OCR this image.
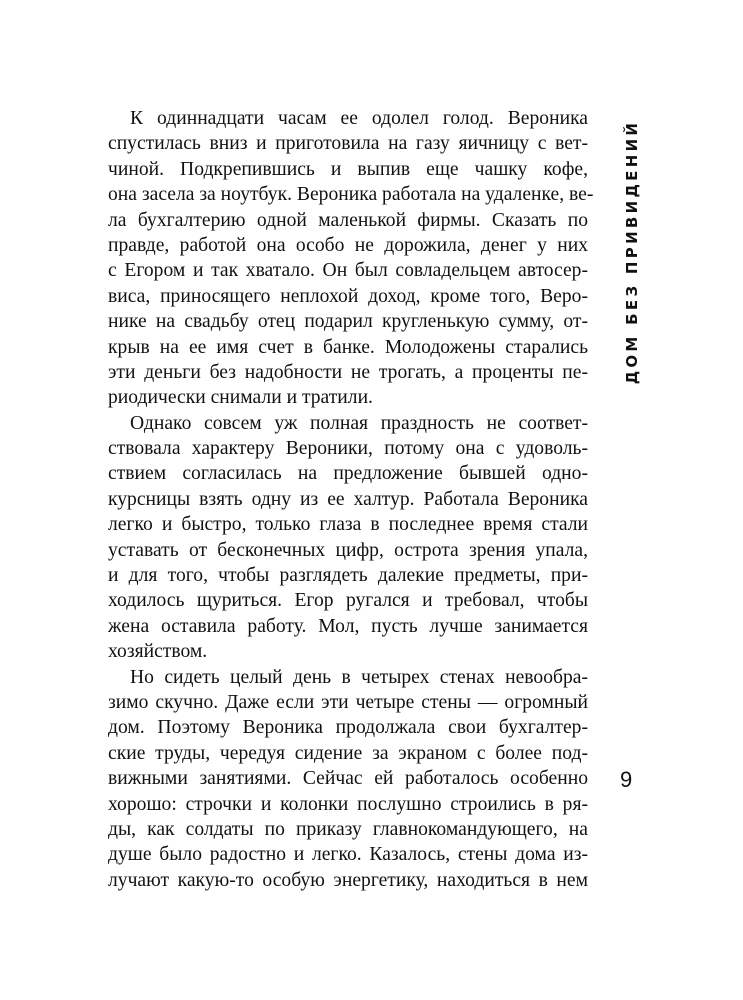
К одиннадцати часам ее одолел голод. Вероника
спустилась вниз и приготовила на газу яичницу с вет-
чиной. Подкрепившись и выпив еще чашку кофе,
она засела за ноутбук. Вероника работала на удаленке, ве-
ла бухгалтерию одной маленькой фирмы. Сказать по
правде, работой она особо не дорожила, денег у них
с Егором и так хватало. Он был совладельцем автосер-
виса, приносящего неплохой доход, кроме того, Веро-
нике на свадьбу отец подарил кругленькую сумму, от-
крыв на ее имя счет в банке. Молодожены старались
эти деньги без надобности не трогать, а проценты пе-
риодически снимали и тратили.
Однако совсем уж полная праздность не соответ-
ствовала характеру Вероники, потому она с удоволь-
ствием согласилась на предложение бывшей одно-
курсницы взять одну из ее халтур. Работала Вероника
легко и быстро, только глаза в последнее время стали
уставать от бесконечных цифр, острота зрения упала,
и для того, чтобы разглядеть далекие предметы, при-
ходилось щуриться. Егор ругался и требовал, чтобы
жена оставила работу. Мол, пусть лучше занимается
хозяйством.
Но сидеть целый день в четырех стенах невообра-
зимо скучно. Даже если эти четыре стены — огромный
дом. Поэтому Вероника продолжала свои бухгалтер-
ские труды, чередуя сидение за экраном с более под-
вижными занятиями. Сейчас ей работалось особенно
хорошо: строчки и колонки послушно строились в ря-
ды, как солдаты по приказу главнокомандующего, на
душе было радостно и легко. Казалось, стены дома из-
лучают какую-то особую энергетику, находиться в нем
ДОМ БЕЗ ПРИВИДЕНИЙ
9
